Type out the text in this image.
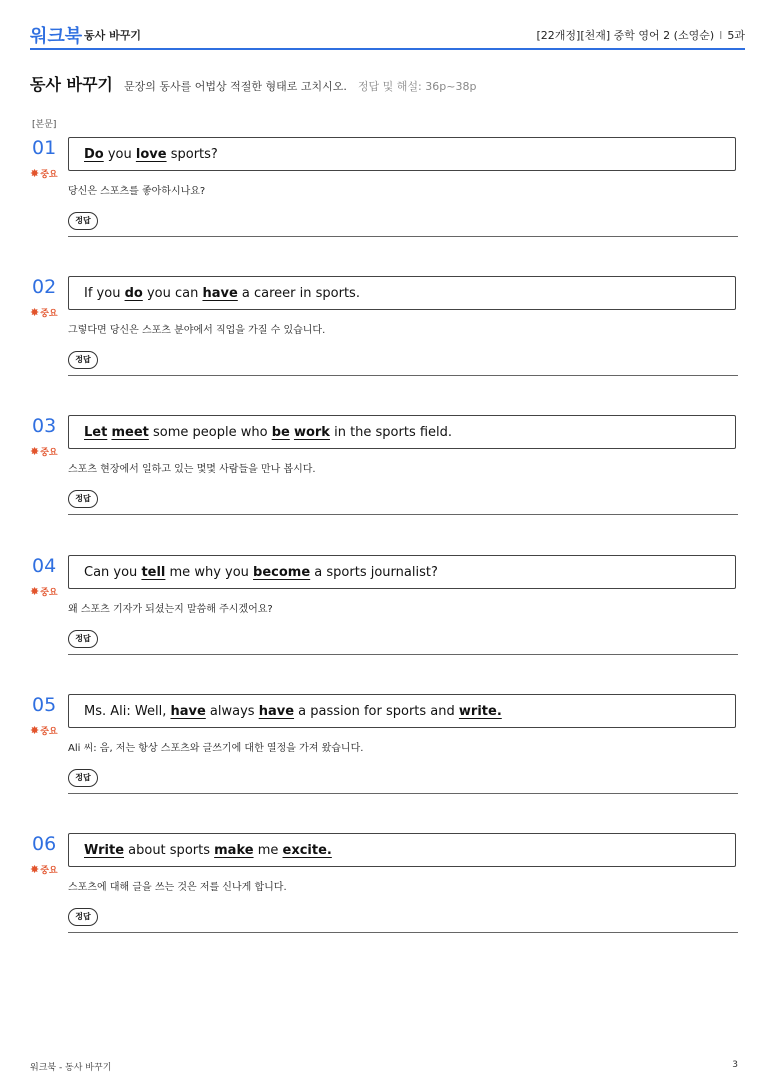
워크북 동사 바꾸기	[22개정][천재] 중학 영어 2 (소영순) I 5과
동사 바꾸기 문장의 동사를 어법상 적절한 형태로 고치시오. 정답 및 해설: 36p~38p
[본문]
01
✸중요
Do you love sports?
당신은 스포츠를 좋아하시나요?
정답
02
✸중요
If you do you can have a career in sports.
그렇다면 당신은 스포츠 분야에서 직업을 가질 수 있습니다.
정답
03
✸중요
Let meet some people who be work in the sports field.
스포츠 현장에서 일하고 있는 몇몇 사람들을 만나 봅시다.
정답
04
✸중요
Can you tell me why you become a sports journalist?
왜 스포츠 기자가 되셨는지 말씀해 주시겠어요?
정답
05
✸중요
Ms. Ali: Well, have always have a passion for sports and write.
Ali 씨: 음, 저는 항상 스포츠와 글쓰기에 대한 열정을 가져 왔습니다.
정답
06
✸중요
Write about sports make me excite.
스포츠에 대해 글을 쓰는 것은 저를 신나게 합니다.
정답
워크북 - 동사 바꾸기	3
